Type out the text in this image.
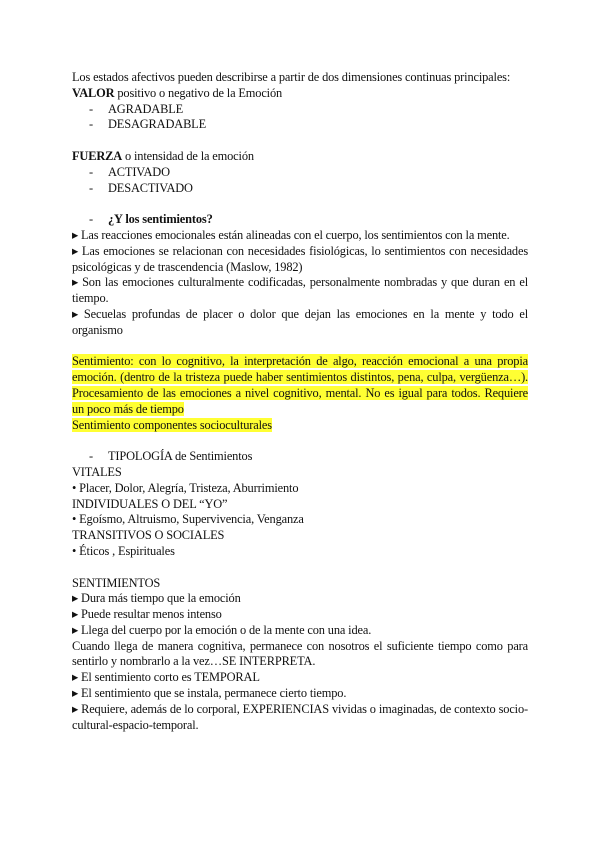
Los estados afectivos pueden describirse a partir de dos dimensiones continuas principales:
VALOR positivo o negativo de la Emoción
- AGRADABLE
- DESAGRADABLE
FUERZA o intensidad de la emoción
- ACTIVADO
- DESACTIVADO
- ¿Y los sentimientos?
▸ Las reacciones emocionales están alineadas con el cuerpo, los sentimientos con la mente.
▸ Las emociones se relacionan con necesidades fisiológicas, lo sentimientos con necesidades psicológicas y de trascendencia (Maslow, 1982)
▸ Son las emociones culturalmente codificadas, personalmente nombradas y que duran en el tiempo.
▸ Secuelas profundas de placer o dolor que dejan las emociones en la mente y todo el organismo
Sentimiento: con lo cognitivo, la interpretación de algo, reacción emocional a una propia emoción. (dentro de la tristeza puede haber sentimientos distintos, pena, culpa, vergüenza…). Procesamiento de las emociones a nivel cognitivo, mental. No es igual para todos. Requiere un poco más de tiempo
Sentimiento componentes socioculturales
- TIPOLOGÍA de Sentimientos
VITALES
• Placer, Dolor, Alegría, Tristeza, Aburrimiento
INDIVIDUALES O DEL “YO”
• Egoísmo, Altruismo, Supervivencia, Venganza
TRANSITIVOS O SOCIALES
• Éticos , Espirituales
SENTIMIENTOS
▸ Dura más tiempo que la emoción
▸ Puede resultar menos intenso
▸ Llega del cuerpo por la emoción o de la mente con una idea.
Cuando llega de manera cognitiva, permanece con nosotros el suficiente tiempo como para sentirlo y nombrarlo a la vez…SE INTERPRETA.
▸ El sentimiento corto es TEMPORAL
▸ El sentimiento que se instala, permanece cierto tiempo.
▸ Requiere, además de lo corporal, EXPERIENCIAS vividas o imaginadas, de contexto socio-cultural-espacio-temporal.
